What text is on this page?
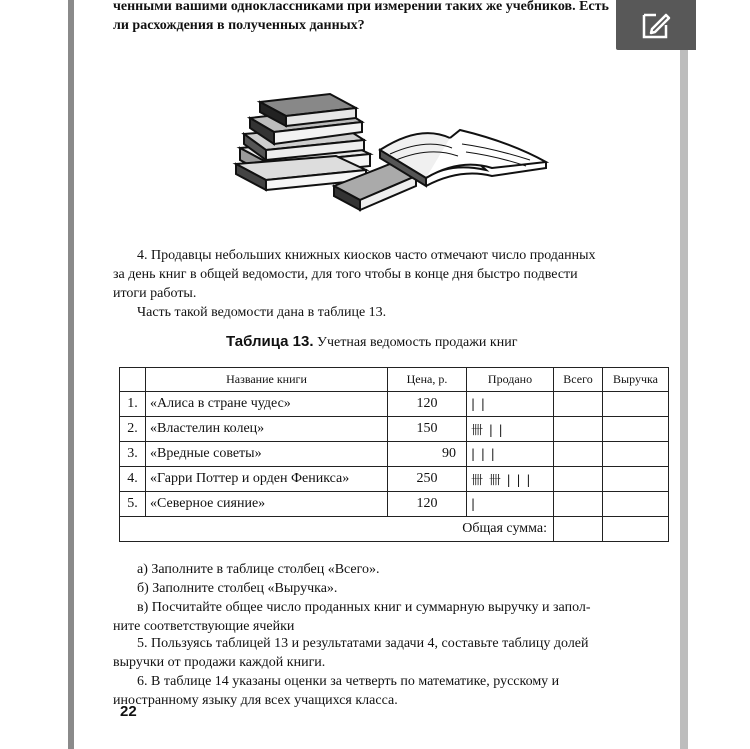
ченными вашими одноклассниками при измерении таких же учебников. Есть
ли расхождения в полученных данных?
4. Продавцы небольших книжных киосков часто отмечают число проданных
за день книг в общей ведомости, для того чтобы в конце дня быстро подвести
итоги работы.
Часть такой ведомости дана в таблице 13.
Таблица 13. Учетная ведомость продажи книг
	Название книги	Цена, р.	Продано	Всего	Выручка
1.	«Алиса в стране чудес»	120	| |		
2.	«Властелин колец»	150	卌 | |		
3.	«Вредные советы»	90	| | |		
4.	«Гарри Поттер и орден Феникса»	250	卌 卌 | | |		
5.	«Северное сияние»	120	|		
Общая сумма:					
а) Заполните в таблице столбец «Всего».
б) Заполните столбец «Выручка».
в) Посчитайте общее число проданных книг и суммарную выручку и запол-
ните соответствующие ячейки
5. Пользуясь таблицей 13 и результатами задачи 4, составьте таблицу долей
выручки от продажи каждой книги.
6. В таблице 14 указаны оценки за четверть по математике, русскому и
иностранному языку для всех учащихся класса.
22
